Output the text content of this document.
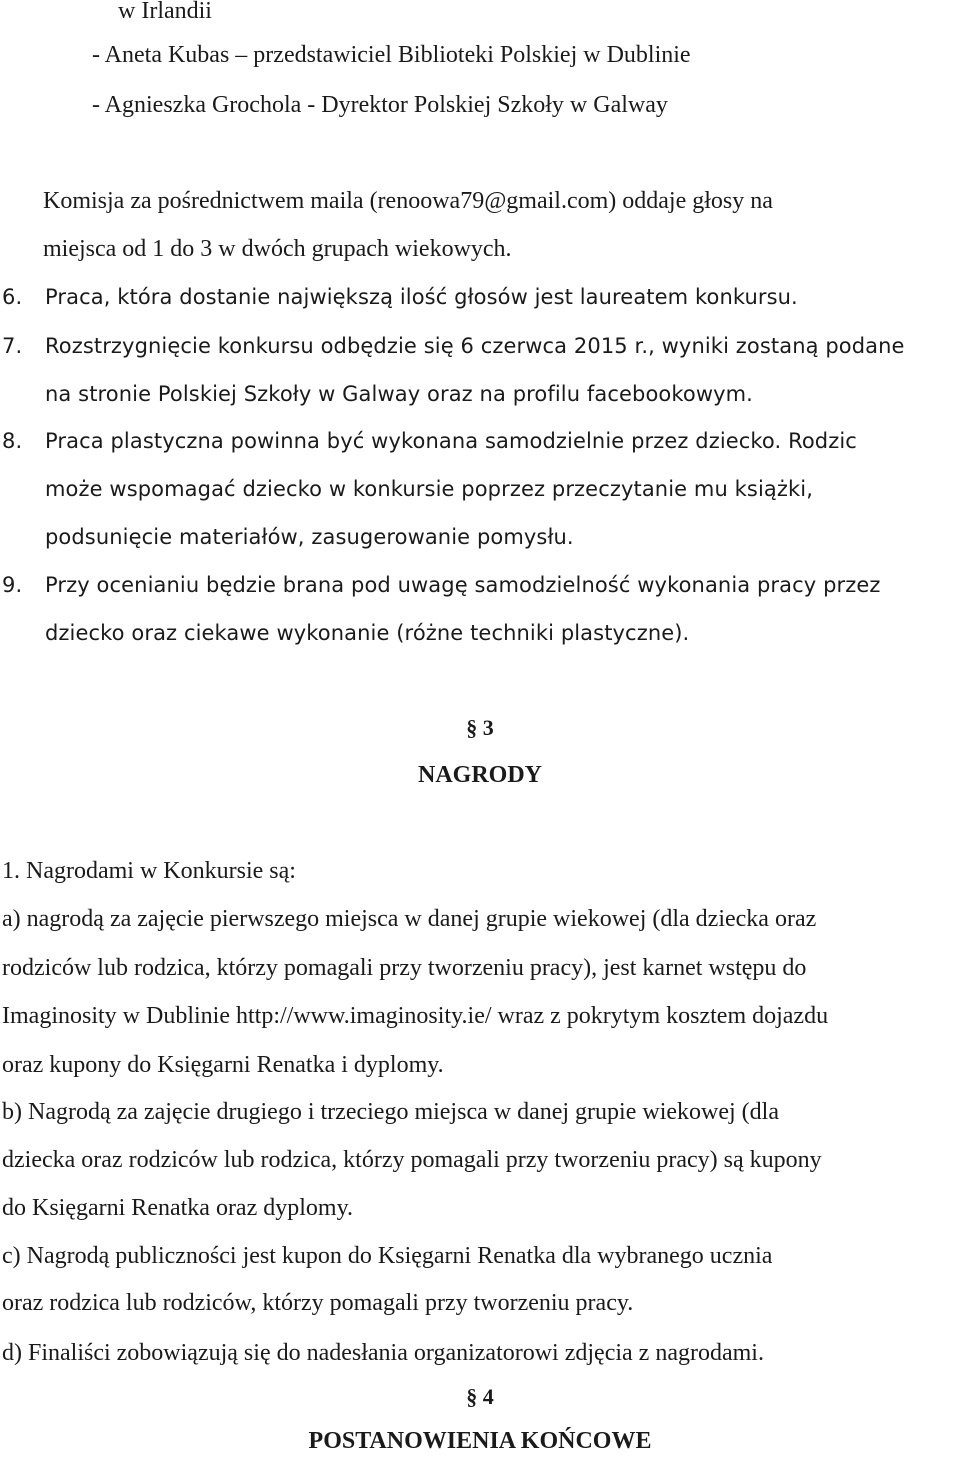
w Irlandii
- Aneta Kubas – przedstawiciel Biblioteki Polskiej w Dublinie
- Agnieszka Grochola - Dyrektor Polskiej Szkoły w Galway
Komisja za pośrednictwem maila (renoowa79@gmail.com) oddaje głosy na
miejsca od 1 do 3 w dwóch grupach wiekowych.
6. Praca, która dostanie największą ilość głosów jest laureatem konkursu.
7. Rozstrzygnięcie konkursu odbędzie się 6 czerwca 2015 r., wyniki zostaną podane
na stronie Polskiej Szkoły w Galway oraz na profilu facebookowym.
8. Praca plastyczna powinna być wykonana samodzielnie przez dziecko. Rodzic
może wspomagać dziecko w konkursie poprzez przeczytanie mu książki,
podsunięcie materiałów, zasugerowanie pomysłu.
9. Przy ocenianiu będzie brana pod uwagę samodzielność wykonania pracy przez
dziecko oraz ciekawe wykonanie (różne techniki plastyczne).
§ 3
NAGRODY
1. Nagrodami w Konkursie są:
a) nagrodą za zajęcie pierwszego miejsca w danej grupie wiekowej (dla dziecka oraz
rodziców lub rodzica, którzy pomagali przy tworzeniu pracy), jest karnet wstępu do
Imaginosity w Dublinie http://www.imaginosity.ie/ wraz z pokrytym kosztem dojazdu
oraz kupony do Księgarni Renatka i dyplomy.
b) Nagrodą za zajęcie drugiego i trzeciego miejsca w danej grupie wiekowej (dla
dziecka oraz rodziców lub rodzica, którzy pomagali przy tworzeniu pracy) są kupony
do Księgarni Renatka oraz dyplomy.
c) Nagrodą publiczności jest kupon do Księgarni Renatka dla wybranego ucznia
oraz rodzica lub rodziców, którzy pomagali przy tworzeniu pracy.
d) Finaliści zobowiązują się do nadesłania organizatorowi zdjęcia z nagrodami.
§ 4
POSTANOWIENIA KOŃCOWE
